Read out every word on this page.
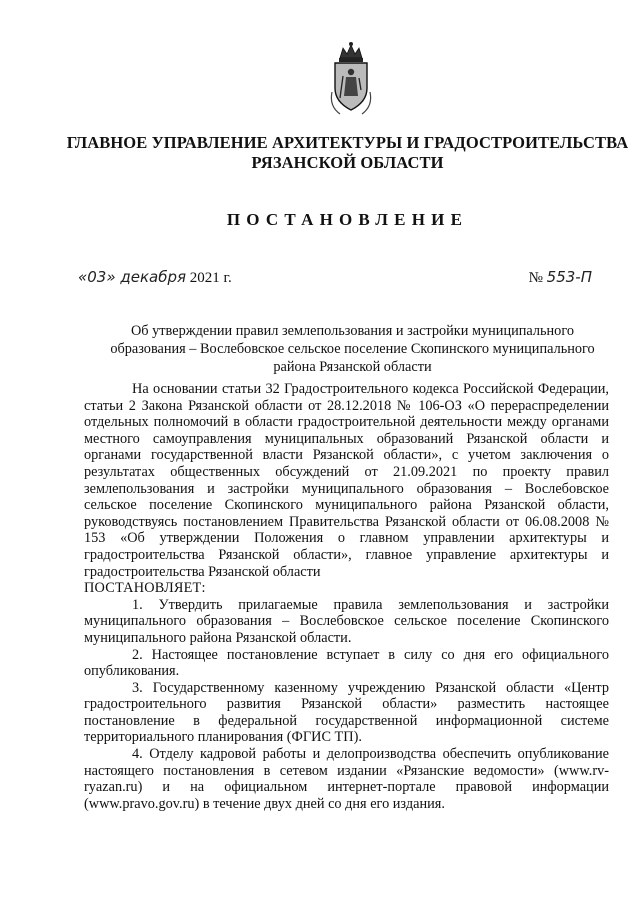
ГЛАВНОЕ УПРАВЛЕНИЕ АРХИТЕКТУРЫ И ГРАДОСТРОИТЕЛЬСТВА
РЯЗАНСКОЙ ОБЛАСТИ
ПОСТАНОВЛЕНИЕ
«03» декабря 2021 г.	№ 553-П
Об утверждении правил землепользования и застройки муниципального образования – Вослебовское сельское поселение Скопинского муниципального района Рязанской области

На основании статьи 32 Градостроительного кодекса Российской Федерации, статьи 2 Закона Рязанской области от 28.12.2018 № 106-ОЗ «О перераспределении отдельных полномочий в области градостроительной деятельности между органами местного самоуправления муниципальных образований Рязанской области и органами государственной власти Рязанской области», с учетом заключения о результатах общественных обсуждений от 21.09.2021 по проекту правил землепользования и застройки муниципального образования – Вослебовское сельское поселение Скопинского муниципального района Рязанской области, руководствуясь постановлением Правительства Рязанской области от 06.08.2008 № 153 «Об утверждении Положения о главном управлении архитектуры и градостроительства Рязанской области», главное управление архитектуры и градостроительства Рязанской области

ПОСТАНОВЛЯЕТ:

1. Утвердить прилагаемые правила землепользования и застройки муниципального образования – Вослебовское сельское поселение Скопинского муниципального района Рязанской области.

2. Настоящее постановление вступает в силу со дня его официального опубликования.

3. Государственному казенному учреждению Рязанской области «Центр градостроительного развития Рязанской области» разместить настоящее постановление в федеральной государственной информационной системе территориального планирования (ФГИС ТП).

4. Отделу кадровой работы и делопроизводства обеспечить опубликование настоящего постановления в сетевом издании «Рязанские ведомости» (www.rv-ryazan.ru) и на официальном интернет-портале правовой информации (www.pravo.gov.ru) в течение двух дней со дня его издания.
